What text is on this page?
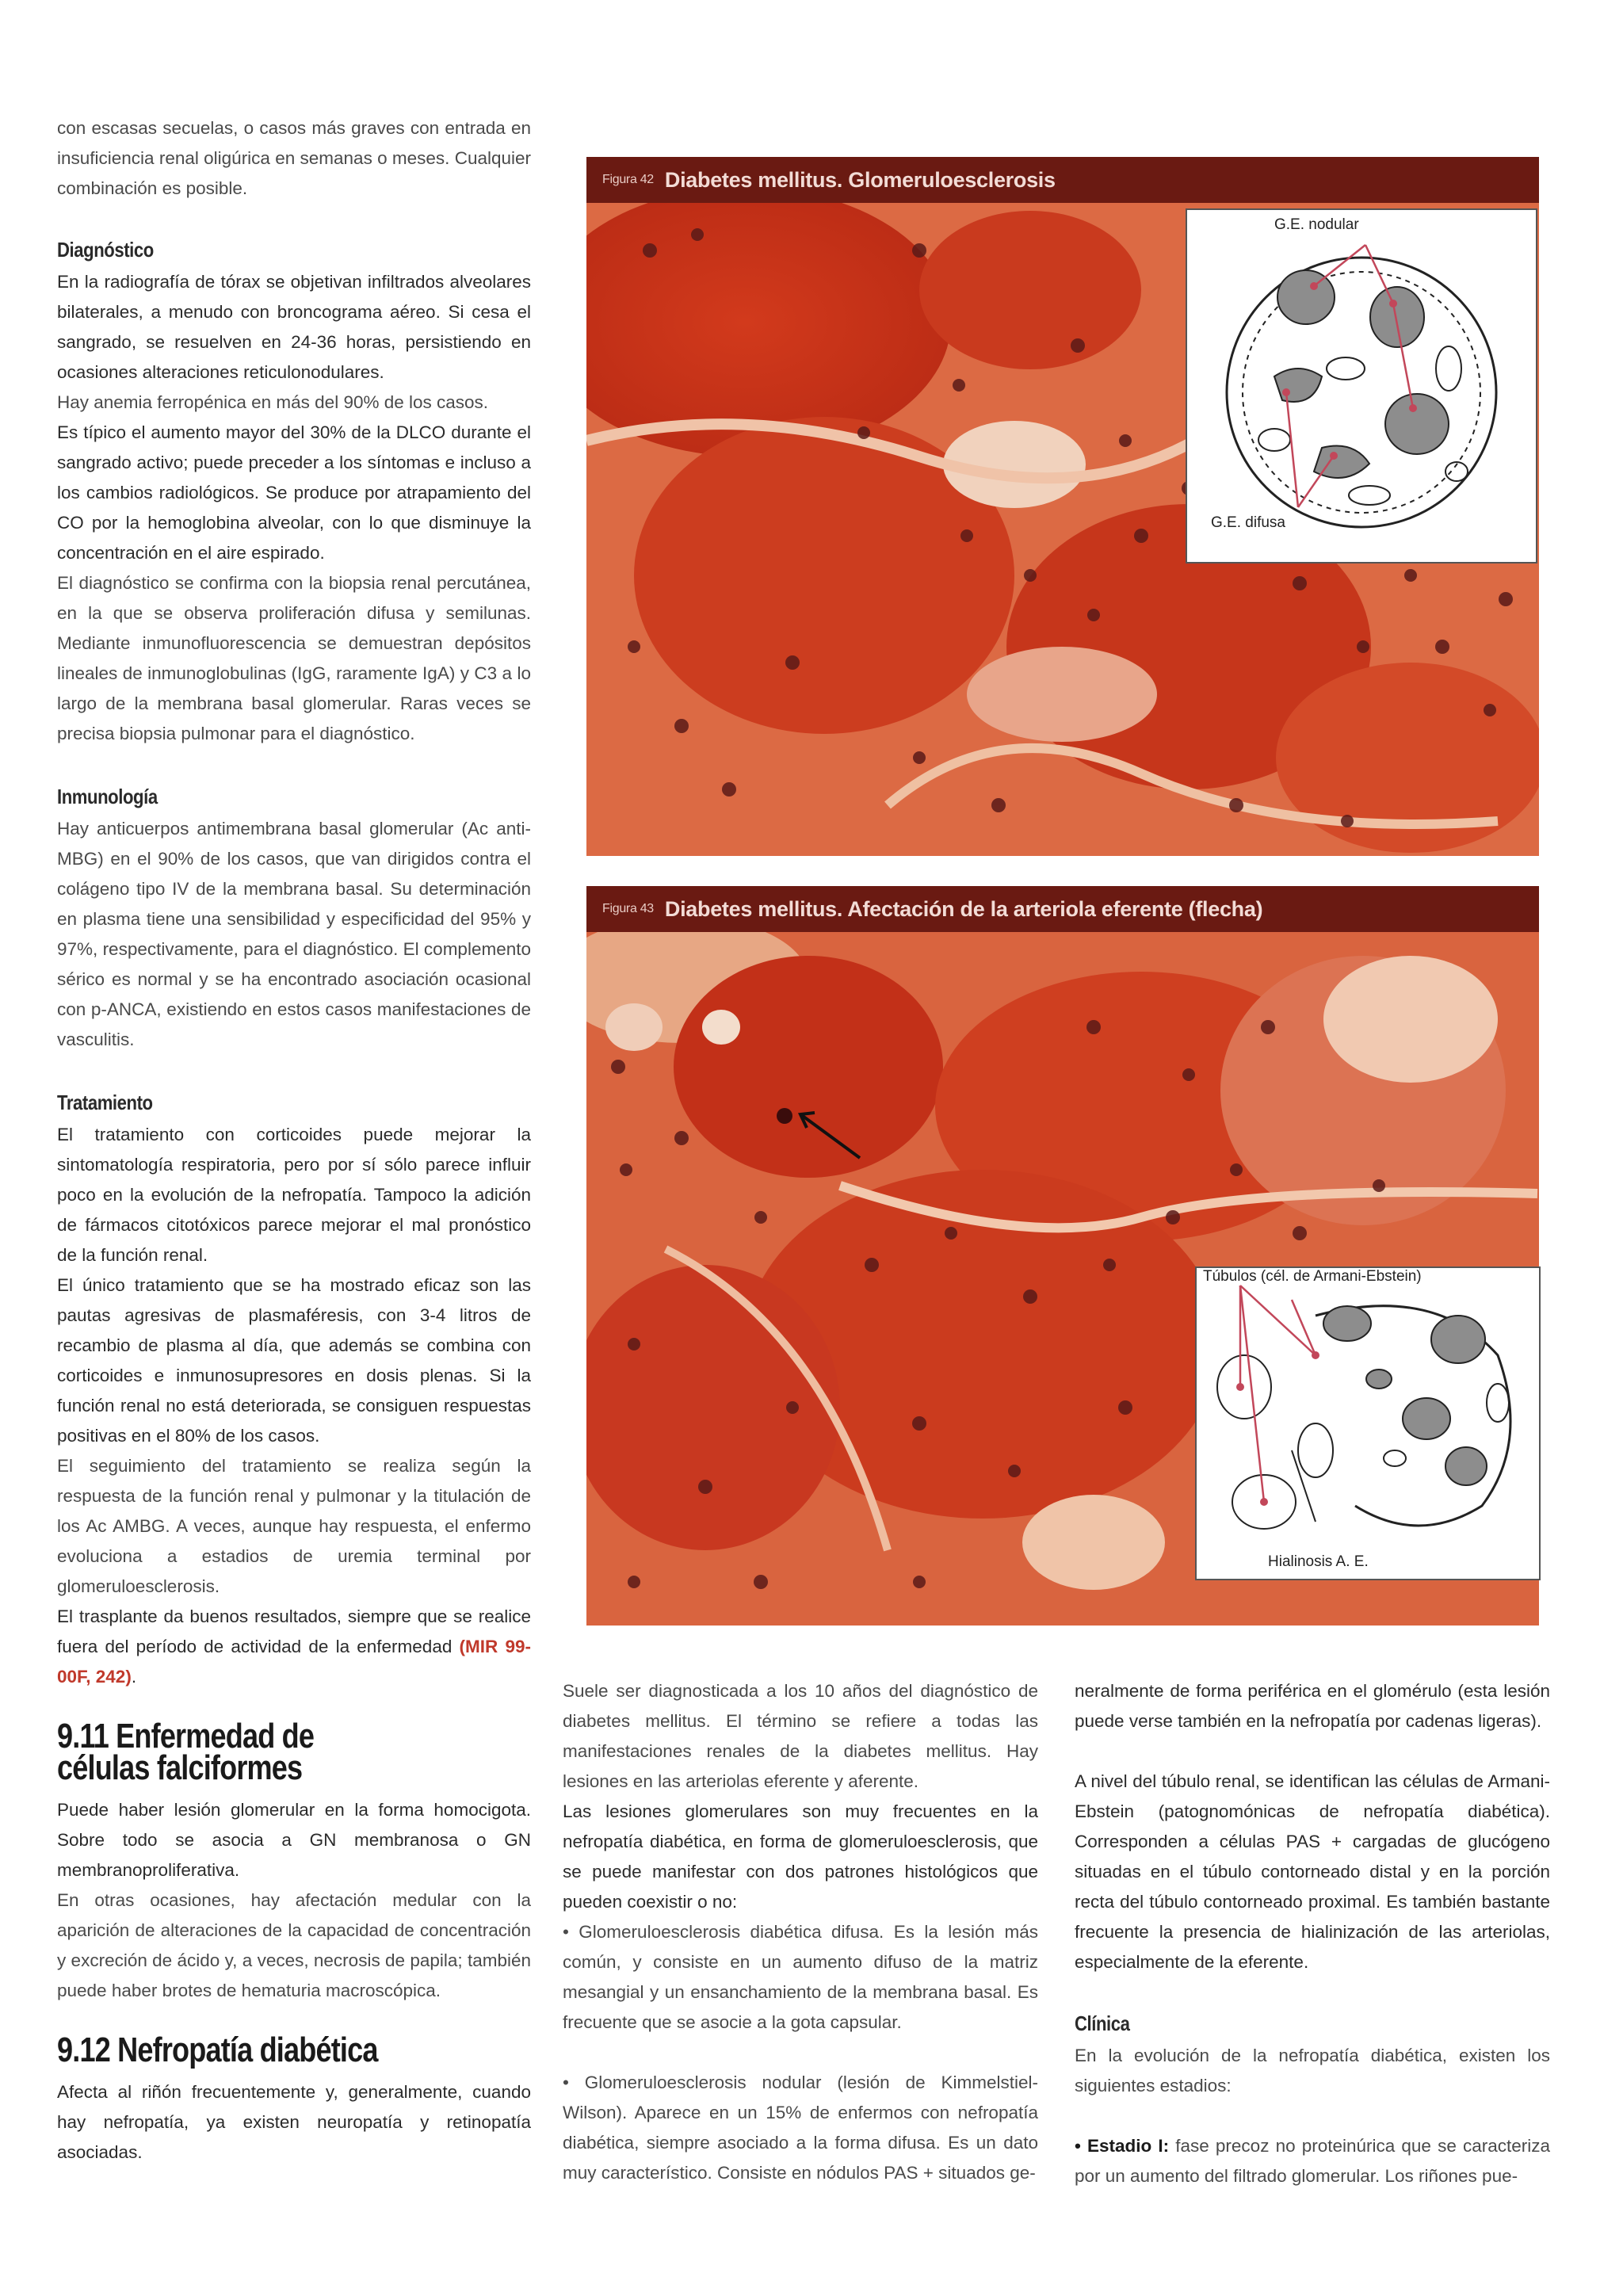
con escasas secuelas, o casos más graves con entrada en insuficiencia renal oligúrica en semanas o meses. Cualquier combinación es posible.

Diagnóstico

En la radiografía de tórax se objetivan infiltrados alveolares bilaterales, a menudo con broncograma aéreo. Si cesa el sangrado, se resuelven en 24-36 horas, persistiendo en ocasiones alteraciones reticulonodulares.

Hay anemia ferropénica en más del 90% de los casos.

Es típico el aumento mayor del 30% de la DLCO durante el sangrado activo; puede preceder a los síntomas e incluso a los cambios radiológicos. Se produce por atrapamiento del CO por la hemoglobina alveolar, con lo que disminuye la concentración en el aire espirado.

El diagnóstico se confirma con la biopsia renal percutánea, en la que se observa proliferación difusa y semilunas. Mediante inmunofluorescencia se demuestran depósitos lineales de inmunoglobulinas (IgG, raramente IgA) y C3 a lo largo de la membrana basal glomerular. Raras veces se precisa biopsia pulmonar para el diagnóstico.

Inmunología

Hay anticuerpos antimembrana basal glomerular (Ac anti-MBG) en el 90% de los casos, que van dirigidos contra el colágeno tipo IV de la membrana basal. Su determinación en plasma tiene una sensibilidad y especificidad del 95% y 97%, respectivamente, para el diagnóstico. El complemento sérico es normal y se ha encontrado asociación ocasional con p-ANCA, existiendo en estos casos manifestaciones de vasculitis.

Tratamiento

El tratamiento con corticoides puede mejorar la sintomatología respiratoria, pero por sí sólo parece influir poco en la evolución de la nefropatía. Tampoco la adición de fármacos citotóxicos parece mejorar el mal pronóstico de la función renal.

El único tratamiento que se ha mostrado eficaz son las pautas agresivas de plasmaféresis, con 3-4 litros de recambio de plasma al día, que además se combina con corticoides e inmunosupresores en dosis plenas. Si la función renal no está deteriorada, se consiguen respuestas positivas en el 80% de los casos.

El seguimiento del tratamiento se realiza según la respuesta de la función renal y pulmonar y la titulación de los Ac AMBG. A veces, aunque hay respuesta, el enfermo evoluciona a estadios de uremia terminal por glomeruloesclerosis.

El trasplante da buenos resultados, siempre que se realice fuera del período de actividad de la enfermedad (MIR 99-00F, 242).

9.11 Enfermedad de
células falciformes

Puede haber lesión glomerular en la forma homocigota. Sobre todo se asocia a GN membranosa o GN membranoproliferativa.

En otras ocasiones, hay afectación medular con la aparición de alteraciones de la capacidad de concentración y excreción de ácido y, a veces, necrosis de papila; también puede haber brotes de hematuria macroscópica.

9.12 Nefropatía diabética

Afecta al riñón frecuentemente y, generalmente, cuando hay nefropatía, ya existen neuropatía y retinopatía asociadas.

Figura 42 Diabetes mellitus. Glomeruloesclerosis
G.E. nodular
G.E. difusa
Figura 43 Diabetes mellitus. Afectación de la arteriola eferente (flecha)
Túbulos (cél. de Armani-Ebstein)
Hialinosis A. E.

Suele ser diagnosticada a los 10 años del diagnóstico de diabetes mellitus. El término se refiere a todas las manifestaciones renales de la diabetes mellitus. Hay lesiones en las arteriolas eferente y aferente.

Las lesiones glomerulares son muy frecuentes en la nefropatía diabética, en forma de glomeruloesclerosis, que se puede manifestar con dos patrones histológicos que pueden coexistir o no:

• Glomeruloesclerosis diabética difusa. Es la lesión más común, y consiste en un aumento difuso de la matriz mesangial y un ensanchamiento de la membrana basal. Es frecuente que se asocie a la gota capsular.

• Glomeruloesclerosis nodular (lesión de Kimmelstiel-Wilson). Aparece en un 15% de enfermos con nefropatía diabética, siempre asociado a la forma difusa. Es un dato muy característico. Consiste en nódulos PAS + situados ge-

neralmente de forma periférica en el glomérulo (esta lesión puede verse también en la nefropatía por cadenas ligeras).

A nivel del túbulo renal, se identifican las células de Armani-Ebstein (patognomónicas de nefropatía diabética). Corresponden a células PAS + cargadas de glucógeno situadas en el túbulo contorneado distal y en la porción recta del túbulo contorneado proximal. Es también bastante frecuente la presencia de hialinización de las arteriolas, especialmente de la eferente.

Clínica

En la evolución de la nefropatía diabética, existen los siguientes estadios:

• Estadio I: fase precoz no proteinúrica que se caracteriza por un aumento del filtrado glomerular. Los riñones pue-
